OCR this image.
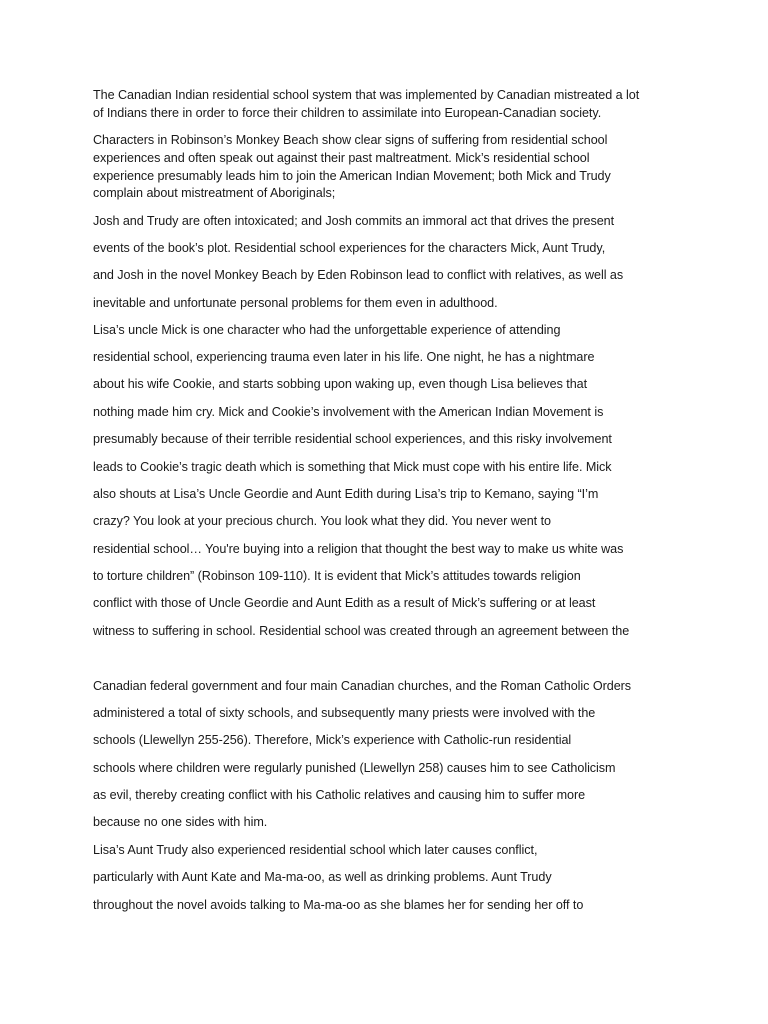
The Canadian Indian residential school system that was implemented by Canadian mistreated a lot
of Indians there in order to force their children to assimilate into European-Canadian society.
Characters in Robinson’s Monkey Beach show clear signs of suffering from residential school
experiences and often speak out against their past maltreatment. Mick’s residential school
experience presumably leads him to join the American Indian Movement; both Mick and Trudy
complain about mistreatment of Aboriginals;
Josh and Trudy are often intoxicated; and Josh commits an immoral act that drives the present
events of the book’s plot. Residential school experiences for the characters Mick, Aunt Trudy,
and Josh in the novel Monkey Beach by Eden Robinson lead to conflict with relatives, as well as
inevitable and unfortunate personal problems for them even in adulthood.
Lisa’s uncle Mick is one character who had the unforgettable experience of attending
residential school, experiencing trauma even later in his life. One night, he has a nightmare
about his wife Cookie, and starts sobbing upon waking up, even though Lisa believes that
nothing made him cry. Mick and Cookie’s involvement with the American Indian Movement is
presumably because of their terrible residential school experiences, and this risky involvement
leads to Cookie’s tragic death which is something that Mick must cope with his entire life. Mick
also shouts at Lisa’s Uncle Geordie and Aunt Edith during Lisa’s trip to Kemano, saying “I’m
crazy? You look at your precious church. You look what they did. You never went to
residential school… You're buying into a religion that thought the best way to make us white was
to torture children” (Robinson 109-110). It is evident that Mick’s attitudes towards religion
conflict with those of Uncle Geordie and Aunt Edith as a result of Mick’s suffering or at least
witness to suffering in school. Residential school was created through an agreement between the
Canadian federal government and four main Canadian churches, and the Roman Catholic Orders
administered a total of sixty schools, and subsequently many priests were involved with the
schools (Llewellyn 255-256). Therefore, Mick’s experience with Catholic-run residential
schools where children were regularly punished (Llewellyn 258) causes him to see Catholicism
as evil, thereby creating conflict with his Catholic relatives and causing him to suffer more
because no one sides with him.
Lisa’s Aunt Trudy also experienced residential school which later causes conflict,
particularly with Aunt Kate and Ma-ma-oo, as well as drinking problems. Aunt Trudy
throughout the novel avoids talking to Ma-ma-oo as she blames her for sending her off to
